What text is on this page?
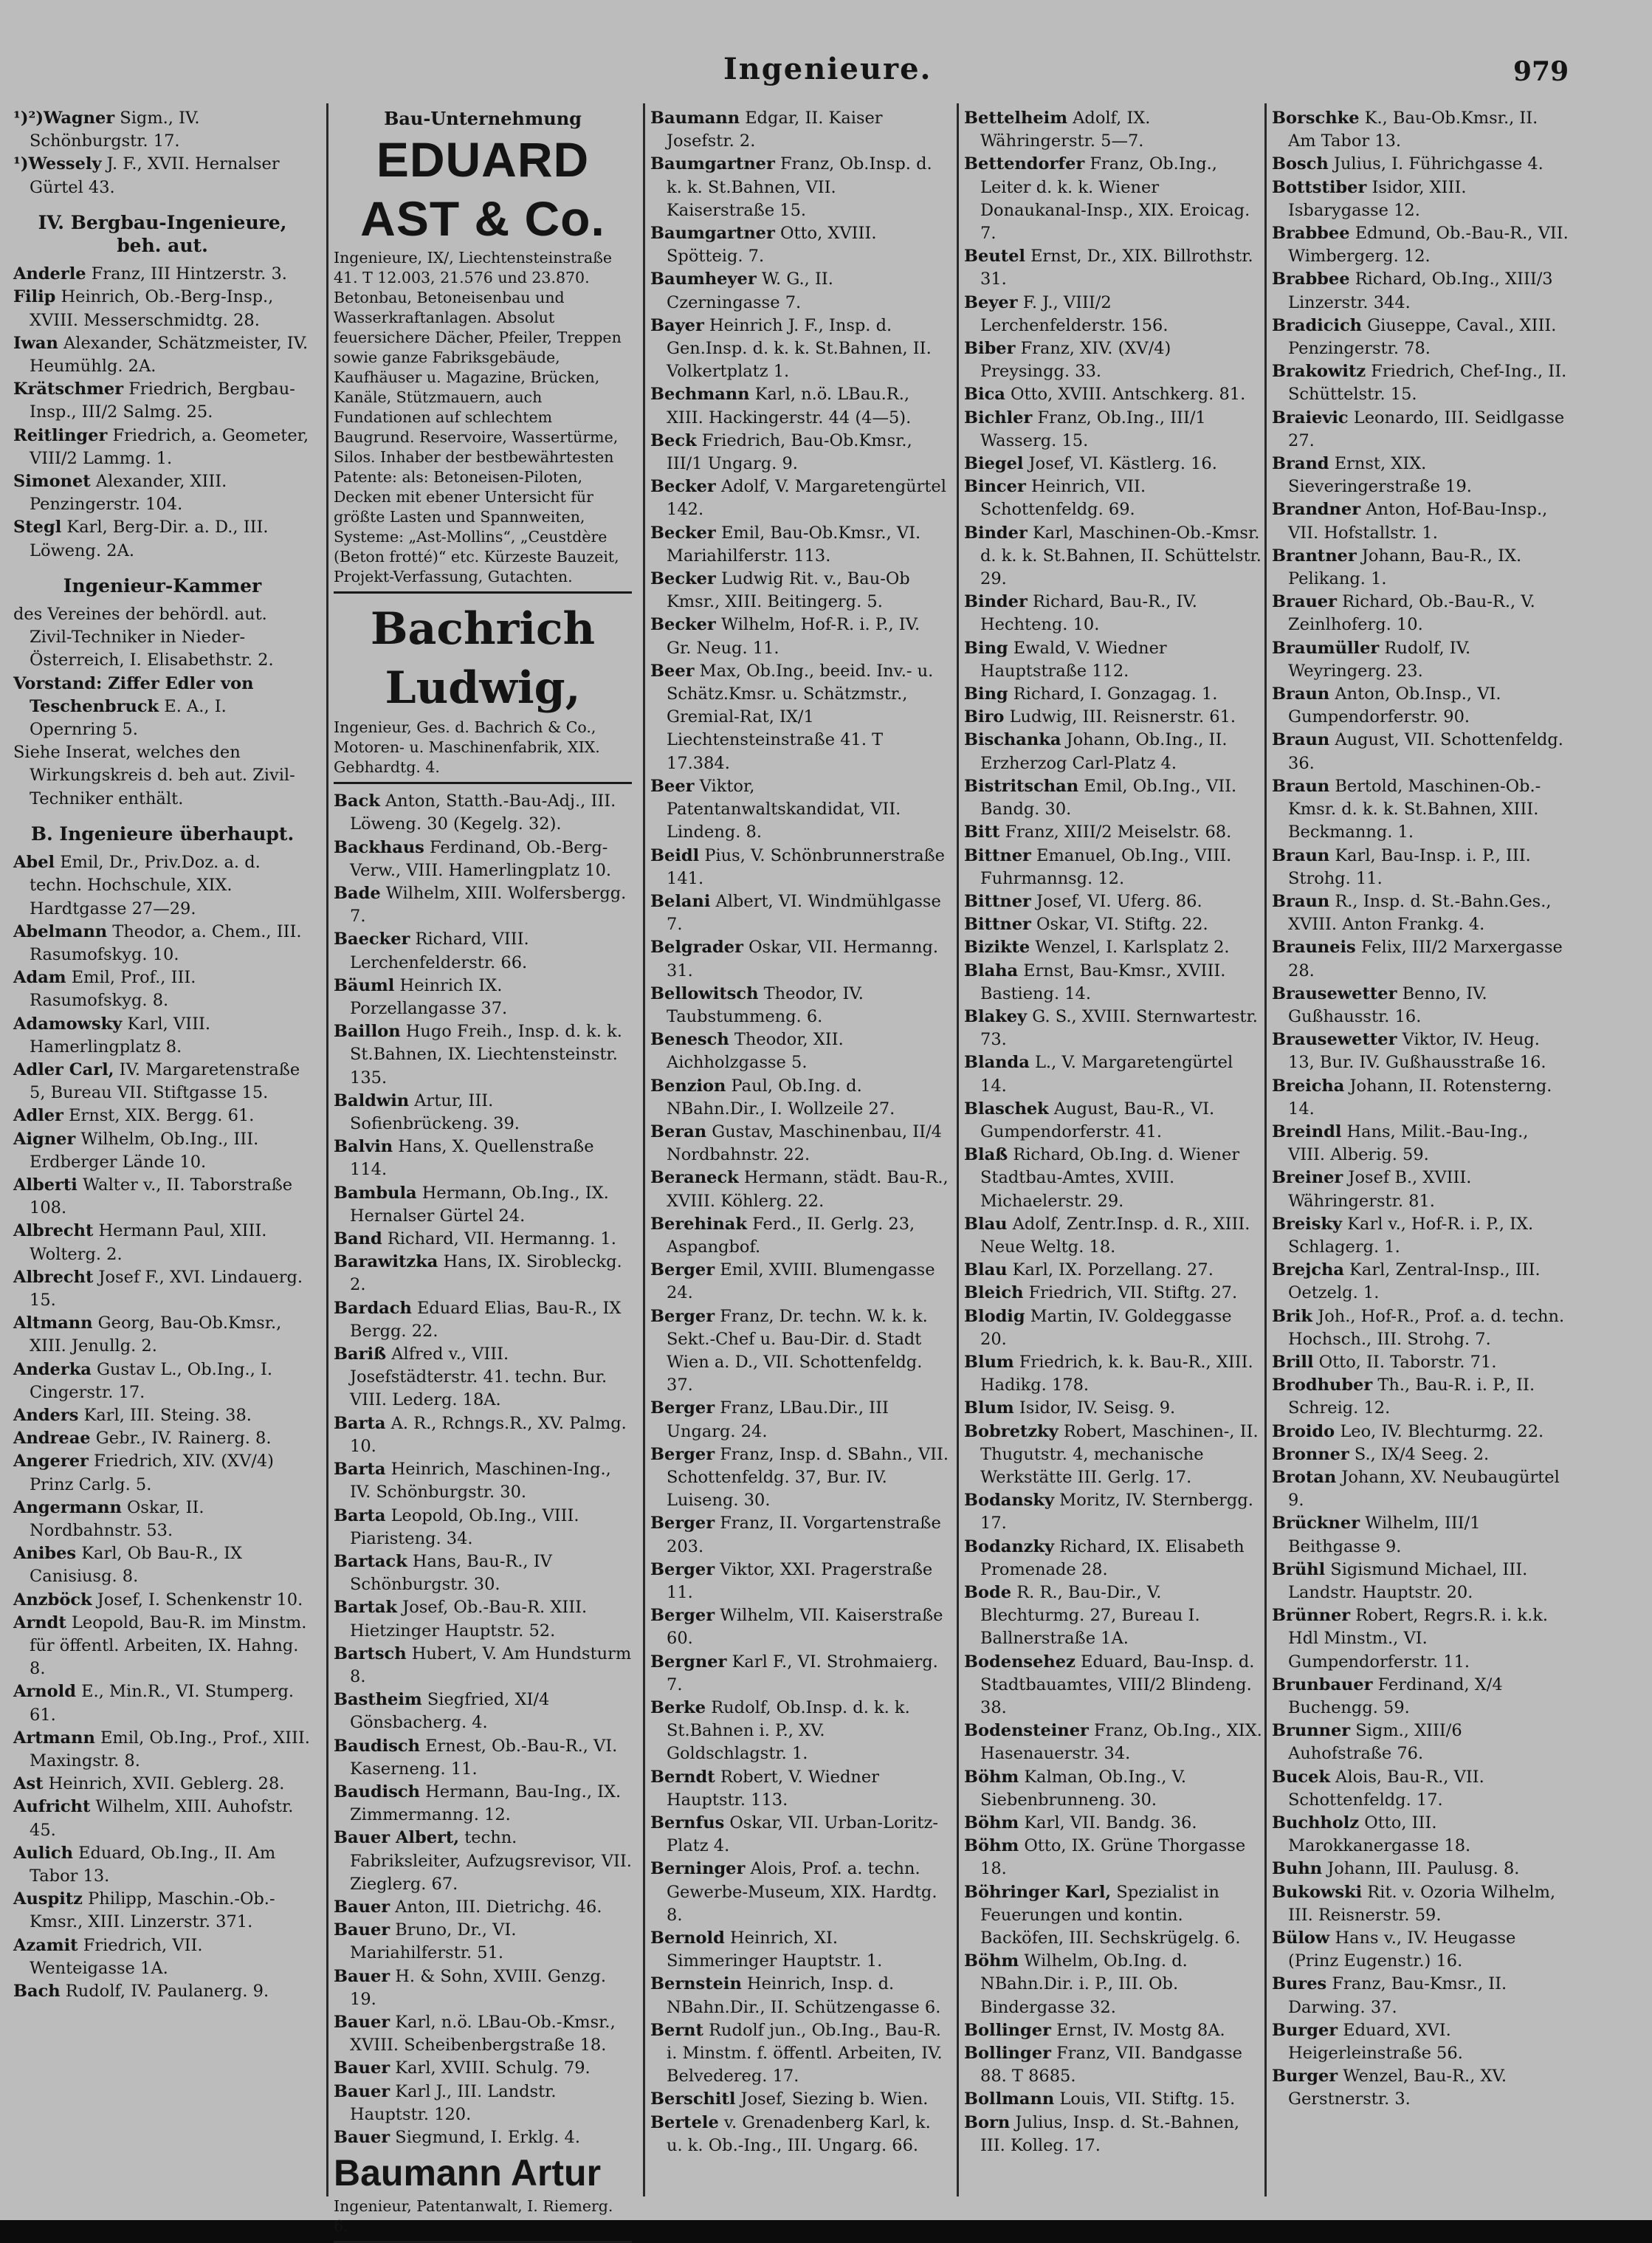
Ingenieure.	979

¹)²)Wagner Sigm., IV. Schönburgstr. 17.

¹)Wessely J. F., XVII. Hernalser Gürtel 43.

IV. Bergbau-Ingenieure, beh. aut.

Anderle Franz, III Hintzerstr. 3.

Filip Heinrich, Ob.-Berg-Insp., XVIII. Messerschmidtg. 28.

Iwan Alexander, Schätzmeister, IV. Heumühlg. 2A.

Krätschmer Friedrich, Bergbau-Insp., III/2 Salmg. 25.

Reitlinger Friedrich, a. Geometer, VIII/2 Lammg. 1.

Simonet Alexander, XIII. Penzingerstr. 104.

Stegl Karl, Berg-Dir. a. D., III. Löweng. 2A.

Ingenieur-Kammer

des Vereines der behördl. aut. Zivil-Techniker in Nieder-Österreich, I. Elisabethstr. 2.

Vorstand: Ziffer Edler von Teschenbruck E. A., I. Opernring 5.

Siehe Inserat, welches den Wirkungskreis d. beh aut. Zivil-Techniker enthält.

B. Ingenieure überhaupt.

Abel Emil, Dr., Priv.Doz. a. d. techn. Hochschule, XIX. Hardtgasse 27—29.

Abelmann Theodor, a. Chem., III. Rasumofskyg. 10.

Adam Emil, Prof., III. Rasumofskyg. 8.

Adamowsky Karl, VIII. Hamerlingplatz 8.

Adler Carl, IV. Margaretenstraße 5, Bureau VII. Stiftgasse 15.

Adler Ernst, XIX. Bergg. 61.

Aigner Wilhelm, Ob.Ing., III. Erdberger Lände 10.

Alberti Walter v., II. Taborstraße 108.

Albrecht Hermann Paul, XIII. Wolterg. 2.

Albrecht Josef F., XVI. Lindauerg. 15.

Altmann Georg, Bau-Ob.Kmsr., XIII. Jenullg. 2.

Anderka Gustav L., Ob.Ing., I. Cingerstr. 17.

Anders Karl, III. Steing. 38.

Andreae Gebr., IV. Rainerg. 8.

Angerer Friedrich, XIV. (XV/4) Prinz Carlg. 5.

Angermann Oskar, II. Nordbahnstr. 53.

Anibes Karl, Ob Bau-R., IX Canisiusg. 8.

Anzböck Josef, I. Schenkenstr 10.

Arndt Leopold, Bau-R. im Minstm. für öffentl. Arbeiten, IX. Hahng. 8.

Arnold E., Min.R., VI. Stumperg. 61.

Artmann Emil, Ob.Ing., Prof., XIII. Maxingstr. 8.

Ast Heinrich, XVII. Geblerg. 28.

Aufricht Wilhelm, XIII. Auhofstr. 45.

Aulich Eduard, Ob.Ing., II. Am Tabor 13.

Auspitz Philipp, Maschin.-Ob.-Kmsr., XIII. Linzerstr. 371.

Azamit Friedrich, VII. Wenteigasse 1A.

Bach Rudolf, IV. Paulanerg. 9.

Bau-Unternehmung

EDUARD AST & Co.

Ingenieure, IX/, Liechtensteinstraße 41. T 12.003, 21.576 und 23.870. Betonbau, Betoneisenbau und Wasserkraftanlagen. Absolut feuersichere Dächer, Pfeiler, Treppen sowie ganze Fabriksgebäude, Kaufhäuser u. Magazine, Brücken, Kanäle, Stützmauern, auch Fundationen auf schlechtem Baugrund. Reservoire, Wassertürme, Silos. Inhaber der bestbewährtesten Patente: als: Betoneisen-Piloten, Decken mit ebener Untersicht für größte Lasten und Spannweiten, Systeme: „Ast-Mollins“, „Ceustdère (Beton frotté)“ etc. Kürzeste Bauzeit, Projekt-Verfassung, Gutachten.

Bachrich Ludwig,

Ingenieur, Ges. d. Bachrich & Co., Motoren- u. Maschinenfabrik, XIX. Gebhardtg. 4.

Back Anton, Statth.-Bau-Adj., III. Löweng. 30 (Kegelg. 32).

Backhaus Ferdinand, Ob.-Berg-Verw., VIII. Hamerlingplatz 10.

Bade Wilhelm, XIII. Wolfersbergg. 7.

Baecker Richard, VIII. Lerchenfelderstr. 66.

Bäuml Heinrich IX. Porzellangasse 37.

Baillon Hugo Freih., Insp. d. k. k. St.Bahnen, IX. Liechtensteinstr. 135.

Baldwin Artur, III. Sofienbrückeng. 39.

Balvin Hans, X. Quellenstraße 114.

Bambula Hermann, Ob.Ing., IX. Hernalser Gürtel 24.

Band Richard, VII. Hermanng. 1.

Barawitzka Hans, IX. Sirobleckg. 2.

Bardach Eduard Elias, Bau-R., IX Bergg. 22.

Bariß Alfred v., VIII. Josefstädterstr. 41. techn. Bur. VIII. Lederg. 18A.

Barta A. R., Rchngs.R., XV. Palmg. 10.

Barta Heinrich, Maschinen-Ing., IV. Schönburgstr. 30.

Barta Leopold, Ob.Ing., VIII. Piaristeng. 34.

Bartack Hans, Bau-R., IV Schönburgstr. 30.

Bartak Josef, Ob.-Bau-R. XIII. Hietzinger Hauptstr. 52.

Bartsch Hubert, V. Am Hundsturm 8.

Bastheim Siegfried, XI/4 Gönsbacherg. 4.

Baudisch Ernest, Ob.-Bau-R., VI. Kaserneng. 11.

Baudisch Hermann, Bau-Ing., IX. Zimmermanng. 12.

Bauer Albert, techn. Fabriksleiter, Aufzugsrevisor, VII. Zieglerg. 67.

Bauer Anton, III. Dietrichg. 46.

Bauer Bruno, Dr., VI. Mariahilferstr. 51.

Bauer H. & Sohn, XVIII. Genzg. 19.

Bauer Karl, n.ö. LBau-Ob.-Kmsr., XVIII. Scheibenbergstraße 18.

Bauer Karl, XVIII. Schulg. 79.

Bauer Karl J., III. Landstr. Hauptstr. 120.

Bauer Siegmund, I. Erklg. 4.

Baumann Artur

Ingenieur, Patentanwalt, I. Riemerg. 6.

Baumann Edgar, II. Kaiser Josefstr. 2.

Baumgartner Franz, Ob.Insp. d. k. k. St.Bahnen, VII. Kaiserstraße 15.

Baumgartner Otto, XVIII. Spötteig. 7.

Baumheyer W. G., II. Czerningasse 7.

Bayer Heinrich J. F., Insp. d. Gen.Insp. d. k. k. St.Bahnen, II. Volkertplatz 1.

Bechmann Karl, n.ö. LBau.R., XIII. Hackingerstr. 44 (4—5).

Beck Friedrich, Bau-Ob.Kmsr., III/1 Ungarg. 9.

Becker Adolf, V. Margaretengürtel 142.

Becker Emil, Bau-Ob.Kmsr., VI. Mariahilferstr. 113.

Becker Ludwig Rit. v., Bau-Ob Kmsr., XIII. Beitingerg. 5.

Becker Wilhelm, Hof-R. i. P., IV. Gr. Neug. 11.

Beer Max, Ob.Ing., beeid. Inv.- u. Schätz.Kmsr. u. Schätzmstr., Gremial-Rat, IX/1 Liechtensteinstraße 41. T 17.384.

Beer Viktor, Patentanwaltskandidat, VII. Lindeng. 8.

Beidl Pius, V. Schönbrunnerstraße 141.

Belani Albert, VI. Windmühlgasse 7.

Belgrader Oskar, VII. Hermanng. 31.

Bellowitsch Theodor, IV. Taubstummeng. 6.

Benesch Theodor, XII. Aichholzgasse 5.

Benzion Paul, Ob.Ing. d. NBahn.Dir., I. Wollzeile 27.

Beran Gustav, Maschinenbau, II/4 Nordbahnstr. 22.

Beraneck Hermann, städt. Bau-R., XVIII. Köhlerg. 22.

Berehinak Ferd., II. Gerlg. 23, Aspangbof.

Berger Emil, XVIII. Blumengasse 24.

Berger Franz, Dr. techn. W. k. k. Sekt.-Chef u. Bau-Dir. d. Stadt Wien a. D., VII. Schottenfeldg. 37.

Berger Franz, LBau.Dir., III Ungarg. 24.

Berger Franz, Insp. d. SBahn., VII. Schottenfeldg. 37, Bur. IV. Luiseng. 30.

Berger Franz, II. Vorgartenstraße 203.

Berger Viktor, XXI. Pragerstraße 11.

Berger Wilhelm, VII. Kaiserstraße 60.

Bergner Karl F., VI. Strohmaierg. 7.

Berke Rudolf, Ob.Insp. d. k. k. St.Bahnen i. P., XV. Goldschlagstr. 1.

Berndt Robert, V. Wiedner Hauptstr. 113.

Bernfus Oskar, VII. Urban-Loritz-Platz 4.

Berninger Alois, Prof. a. techn. Gewerbe-Museum, XIX. Hardtg. 8.

Bernold Heinrich, XI. Simmeringer Hauptstr. 1.

Bernstein Heinrich, Insp. d. NBahn.Dir., II. Schützengasse 6.

Bernt Rudolf jun., Ob.Ing., Bau-R. i. Minstm. f. öffentl. Arbeiten, IV. Belvedereg. 17.

Berschitl Josef, Siezing b. Wien.

Bertele v. Grenadenberg Karl, k. u. k. Ob.-Ing., III. Ungarg. 66.

Bettelheim Adolf, IX. Währingerstr. 5—7.

Bettendorfer Franz, Ob.Ing., Leiter d. k. k. Wiener Donaukanal-Insp., XIX. Eroicag. 7.

Beutel Ernst, Dr., XIX. Billrothstr. 31.

Beyer F. J., VIII/2 Lerchenfelderstr. 156.

Biber Franz, XIV. (XV/4) Preysingg. 33.

Bica Otto, XVIII. Antschkerg. 81.

Bichler Franz, Ob.Ing., III/1 Wasserg. 15.

Biegel Josef, VI. Kästlerg. 16.

Bincer Heinrich, VII. Schottenfeldg. 69.

Binder Karl, Maschinen-Ob.-Kmsr. d. k. k. St.Bahnen, II. Schüttelstr. 29.

Binder Richard, Bau-R., IV. Hechteng. 10.

Bing Ewald, V. Wiedner Hauptstraße 112.

Bing Richard, I. Gonzagag. 1.

Biro Ludwig, III. Reisnerstr. 61.

Bischanka Johann, Ob.Ing., II. Erzherzog Carl-Platz 4.

Bistritschan Emil, Ob.Ing., VII. Bandg. 30.

Bitt Franz, XIII/2 Meiselstr. 68.

Bittner Emanuel, Ob.Ing., VIII. Fuhrmannsg. 12.

Bittner Josef, VI. Uferg. 86.

Bittner Oskar, VI. Stiftg. 22.

Bizikte Wenzel, I. Karlsplatz 2.

Blaha Ernst, Bau-Kmsr., XVIII. Bastieng. 14.

Blakey G. S., XVIII. Sternwartestr. 73.

Blanda L., V. Margaretengürtel 14.

Blaschek August, Bau-R., VI. Gumpendorferstr. 41.

Blaß Richard, Ob.Ing. d. Wiener Stadtbau-Amtes, XVIII. Michaelerstr. 29.

Blau Adolf, Zentr.Insp. d. R., XIII. Neue Weltg. 18.

Blau Karl, IX. Porzellang. 27.

Bleich Friedrich, VII. Stiftg. 27.

Blodig Martin, IV. Goldeggasse 20.

Blum Friedrich, k. k. Bau-R., XIII. Hadikg. 178.

Blum Isidor, IV. Seisg. 9.

Bobretzky Robert, Maschinen-, II. Thugutstr. 4, mechanische Werkstätte III. Gerlg. 17.

Bodansky Moritz, IV. Sternbergg. 17.

Bodanzky Richard, IX. Elisabeth Promenade 28.

Bode R. R., Bau-Dir., V. Blechturmg. 27, Bureau I. Ballnerstraße 1A.

Bodensehez Eduard, Bau-Insp. d. Stadtbauamtes, VIII/2 Blindeng. 38.

Bodensteiner Franz, Ob.Ing., XIX. Hasenauerstr. 34.

Böhm Kalman, Ob.Ing., V. Siebenbrunneng. 30.

Böhm Karl, VII. Bandg. 36.

Böhm Otto, IX. Grüne Thorgasse 18.

Böhringer Karl, Spezialist in Feuerungen und kontin. Backöfen, III. Sechskrügelg. 6.

Böhm Wilhelm, Ob.Ing. d. NBahn.Dir. i. P., III. Ob. Bindergasse 32.

Bollinger Ernst, IV. Mostg 8A.

Bollinger Franz, VII. Bandgasse 88. T 8685.

Bollmann Louis, VII. Stiftg. 15.

Born Julius, Insp. d. St.-Bahnen, III. Kolleg. 17.

Borschke K., Bau-Ob.Kmsr., II. Am Tabor 13.

Bosch Julius, I. Führichgasse 4.

Bottstiber Isidor, XIII. Isbarygasse 12.

Brabbee Edmund, Ob.-Bau-R., VII. Wimbergerg. 12.

Brabbee Richard, Ob.Ing., XIII/3 Linzerstr. 344.

Bradicich Giuseppe, Caval., XIII. Penzingerstr. 78.

Brakowitz Friedrich, Chef-Ing., II. Schüttelstr. 15.

Braievic Leonardo, III. Seidlgasse 27.

Brand Ernst, XIX. Sieveringerstraße 19.

Brandner Anton, Hof-Bau-Insp., VII. Hofstallstr. 1.

Brantner Johann, Bau-R., IX. Pelikang. 1.

Brauer Richard, Ob.-Bau-R., V. Zeinlhoferg. 10.

Braumüller Rudolf, IV. Weyringerg. 23.

Braun Anton, Ob.Insp., VI. Gumpendorferstr. 90.

Braun August, VII. Schottenfeldg. 36.

Braun Bertold, Maschinen-Ob.-Kmsr. d. k. k. St.Bahnen, XIII. Beckmanng. 1.

Braun Karl, Bau-Insp. i. P., III. Strohg. 11.

Braun R., Insp. d. St.-Bahn.Ges., XVIII. Anton Frankg. 4.

Brauneis Felix, III/2 Marxergasse 28.

Brausewetter Benno, IV. Gußhausstr. 16.

Brausewetter Viktor, IV. Heug. 13, Bur. IV. Gußhausstraße 16.

Breicha Johann, II. Rotensterng. 14.

Breindl Hans, Milit.-Bau-Ing., VIII. Alberig. 59.

Breiner Josef B., XVIII. Währingerstr. 81.

Breisky Karl v., Hof-R. i. P., IX. Schlagerg. 1.

Brejcha Karl, Zentral-Insp., III. Oetzelg. 1.

Brik Joh., Hof-R., Prof. a. d. techn. Hochsch., III. Strohg. 7.

Brill Otto, II. Taborstr. 71.

Brodhuber Th., Bau-R. i. P., II. Schreig. 12.

Broido Leo, IV. Blechturmg. 22.

Bronner S., IX/4 Seeg. 2.

Brotan Johann, XV. Neubaugürtel 9.

Brückner Wilhelm, III/1 Beithgasse 9.

Brühl Sigismund Michael, III. Landstr. Hauptstr. 20.

Brünner Robert, Regrs.R. i. k.k. Hdl Minstm., VI. Gumpendorferstr. 11.

Brunbauer Ferdinand, X/4 Buchengg. 59.

Brunner Sigm., XIII/6 Auhofstraße 76.

Bucek Alois, Bau-R., VII. Schottenfeldg. 17.

Buchholz Otto, III. Marokkanergasse 18.

Buhn Johann, III. Paulusg. 8.

Bukowski Rit. v. Ozoria Wilhelm, III. Reisnerstr. 59.

Bülow Hans v., IV. Heugasse (Prinz Eugenstr.) 16.

Bures Franz, Bau-Kmsr., II. Darwing. 37.

Burger Eduard, XVI. Heigerleinstraße 56.

Burger Wenzel, Bau-R., XV. Gerstnerstr. 3.
